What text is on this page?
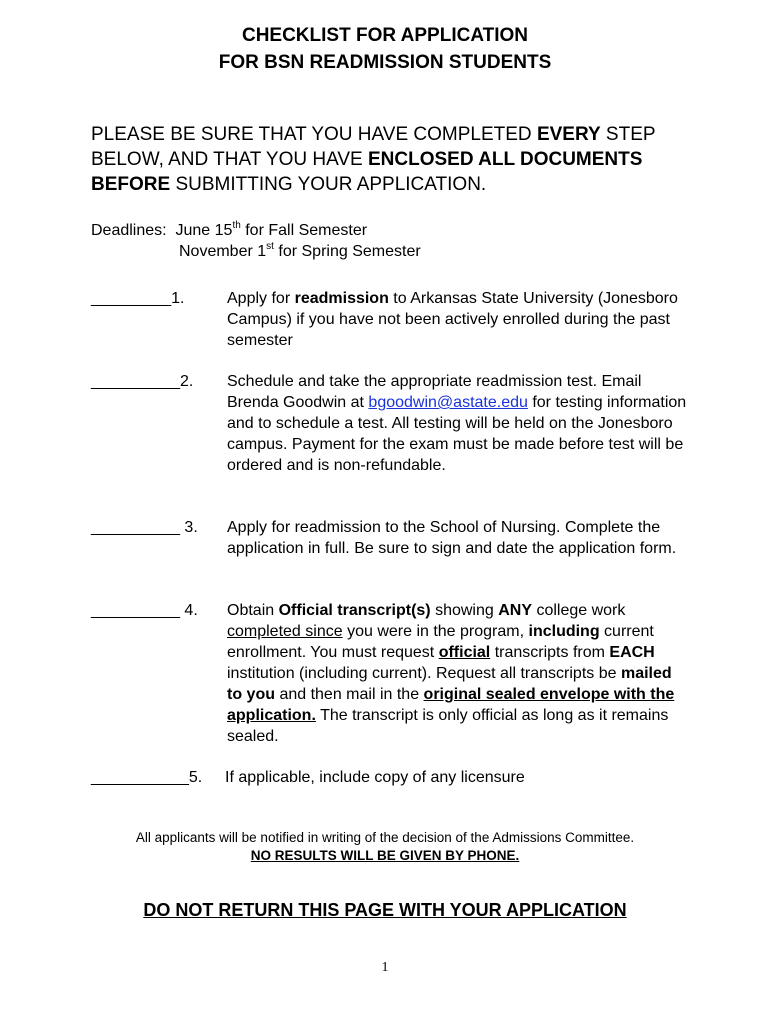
CHECKLIST FOR APPLICATION
FOR BSN READMISSION STUDENTS
PLEASE BE SURE THAT YOU HAVE COMPLETED EVERY STEP BELOW, AND THAT YOU HAVE ENCLOSED ALL DOCUMENTS BEFORE SUBMITTING YOUR APPLICATION.
Deadlines: June 15th for Fall Semester
November 1st for Spring Semester
_________1.	Apply for readmission to Arkansas State University (Jonesboro Campus) if you have not been actively enrolled during the past semester
__________2. Schedule and take the appropriate readmission test. Email Brenda Goodwin at bgoodwin@astate.edu for testing information and to schedule a test. All testing will be held on the Jonesboro campus. Payment for the exam must be made before test will be ordered and is non-refundable.
__________ 3. Apply for readmission to the School of Nursing. Complete the application in full. Be sure to sign and date the application form.
__________ 4. Obtain Official transcript(s) showing ANY college work completed since you were in the program, including current enrollment. You must request official transcripts from EACH institution (including current). Request all transcripts be mailed to you and then mail in the original sealed envelope with the application. The transcript is only official as long as it remains sealed.
___________5. If applicable, include copy of any licensure
All applicants will be notified in writing of the decision of the Admissions Committee.
NO RESULTS WILL BE GIVEN BY PHONE.
DO NOT RETURN THIS PAGE WITH YOUR APPLICATION
1
